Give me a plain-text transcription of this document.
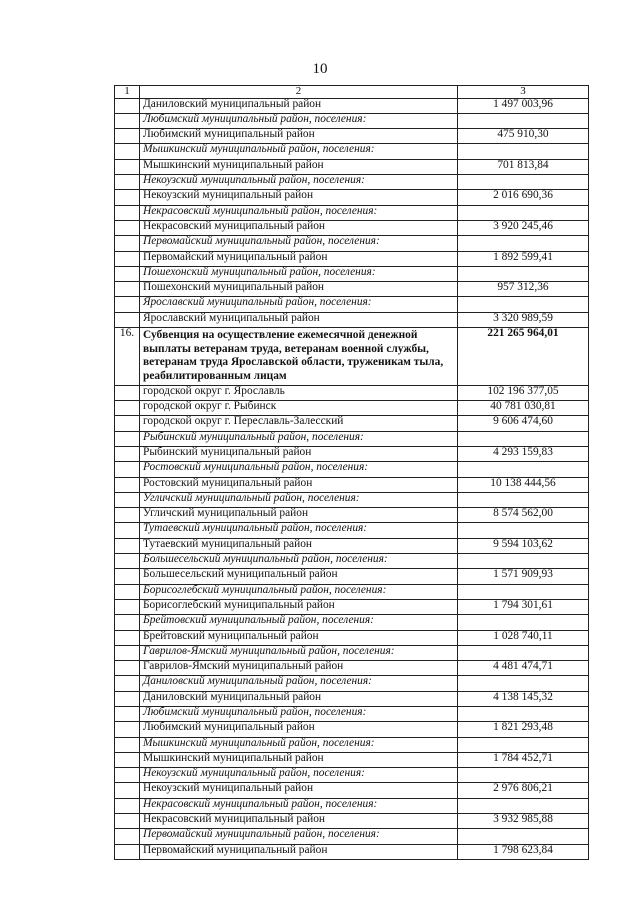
10
1	2	3
	Даниловский муниципальный район	1 497 003,96
	Любимский муниципальный район, поселения:	
	Любимский муниципальный район	475 910,30
	Мышкинский муниципальный район, поселения:	
	Мышкинский муниципальный район	701 813,84
	Некоузский муниципальный район, поселения:	
	Некоузский муниципальный район	2 016 690,36
	Некрасовский муниципальный район, поселения:	
	Некрасовский муниципальный район	3 920 245,46
	Первомайский муниципальный район, поселения:	
	Первомайский муниципальный район	1 892 599,41
	Пошехонский муниципальный район, поселения:	
	Пошехонский муниципальный район	957 312,36
	Ярославский муниципальный район, поселения:	
	Ярославский муниципальный район	3 320 989,59
16.	Субвенция на осуществление ежемесячной денежной выплаты ветеранам труда, ветеранам военной службы, ветеранам труда Ярославской области, труженикам тыла, реабилитированным лицам	221 265 964,01
	городской округ г. Ярославль	102 196 377,05
	городской округ г. Рыбинск	40 781 030,81
	городской округ г. Переславль-Залесский	9 606 474,60
	Рыбинский муниципальный район, поселения:	
	Рыбинский муниципальный район	4 293 159,83
	Ростовский муниципальный район, поселения:	
	Ростовский муниципальный район	10 138 444,56
	Угличский муниципальный район, поселения:	
	Угличский муниципальный район	8 574 562,00
	Тутаевский муниципальный район, поселения:	
	Тутаевский муниципальный район	9 594 103,62
	Большесельский муниципальный район, поселения:	
	Большесельский муниципальный район	1 571 909,93
	Борисоглебский муниципальный район, поселения:	
	Борисоглебский муниципальный район	1 794 301,61
	Брейтовский муниципальный район, поселения:	
	Брейтовский муниципальный район	1 028 740,11
	Гаврилов-Ямский муниципальный район, поселения:	
	Гаврилов-Ямский муниципальный район	4 481 474,71
	Даниловский муниципальный район, поселения:	
	Даниловский муниципальный район	4 138 145,32
	Любимский муниципальный район, поселения:	
	Любимский муниципальный район	1 821 293,48
	Мышкинский муниципальный район, поселения:	
	Мышкинский муниципальный район	1 784 452,71
	Некоузский муниципальный район, поселения:	
	Некоузский муниципальный район	2 976 806,21
	Некрасовский муниципальный район, поселения:	
	Некрасовский муниципальный район	3 932 985,88
	Первомайский муниципальный район, поселения:	
	Первомайский муниципальный район	1 798 623,84
